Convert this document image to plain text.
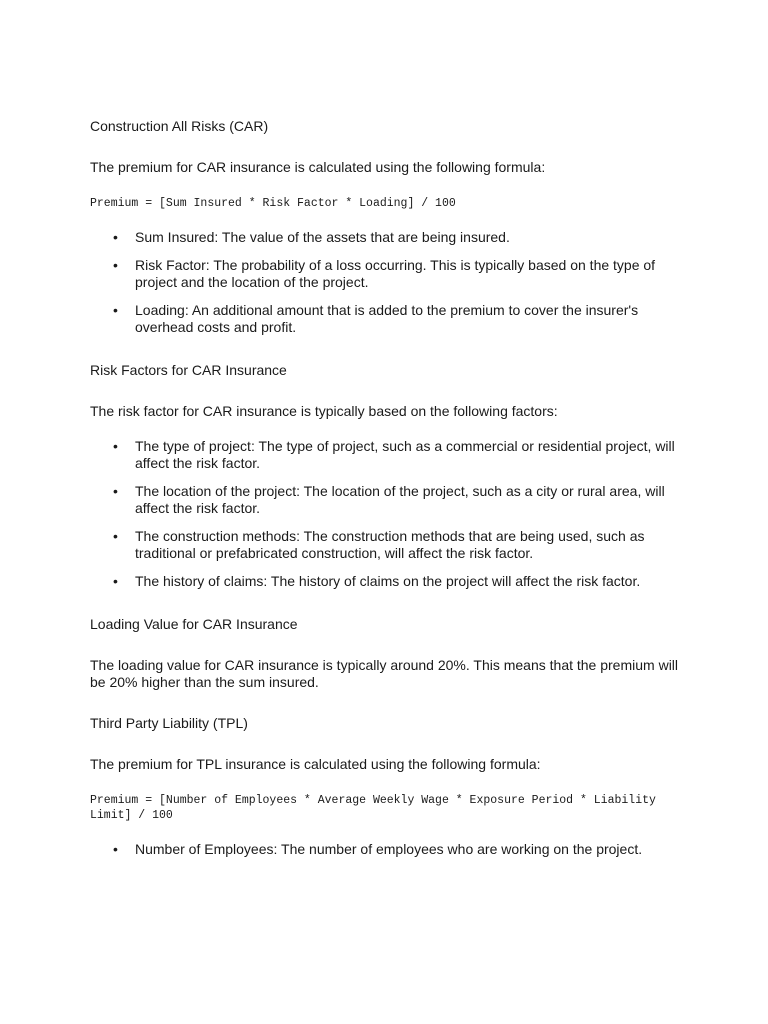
Construction All Risks (CAR)

The premium for CAR insurance is calculated using the following formula:

Premium = [Sum Insured * Risk Factor * Loading] / 100

• Sum Insured: The value of the assets that are being insured.
• Risk Factor: The probability of a loss occurring. This is typically based on the type of project and the location of the project.
• Loading: An additional amount that is added to the premium to cover the insurer's overhead costs and profit.

Risk Factors for CAR Insurance

The risk factor for CAR insurance is typically based on the following factors:

• The type of project: The type of project, such as a commercial or residential project, will affect the risk factor.
• The location of the project: The location of the project, such as a city or rural area, will affect the risk factor.
• The construction methods: The construction methods that are being used, such as traditional or prefabricated construction, will affect the risk factor.
• The history of claims: The history of claims on the project will affect the risk factor.

Loading Value for CAR Insurance

The loading value for CAR insurance is typically around 20%. This means that the premium will be 20% higher than the sum insured.

Third Party Liability (TPL)

The premium for TPL insurance is calculated using the following formula:

Premium = [Number of Employees * Average Weekly Wage * Exposure Period * Liability Limit] / 100

• Number of Employees: The number of employees who are working on the project.
